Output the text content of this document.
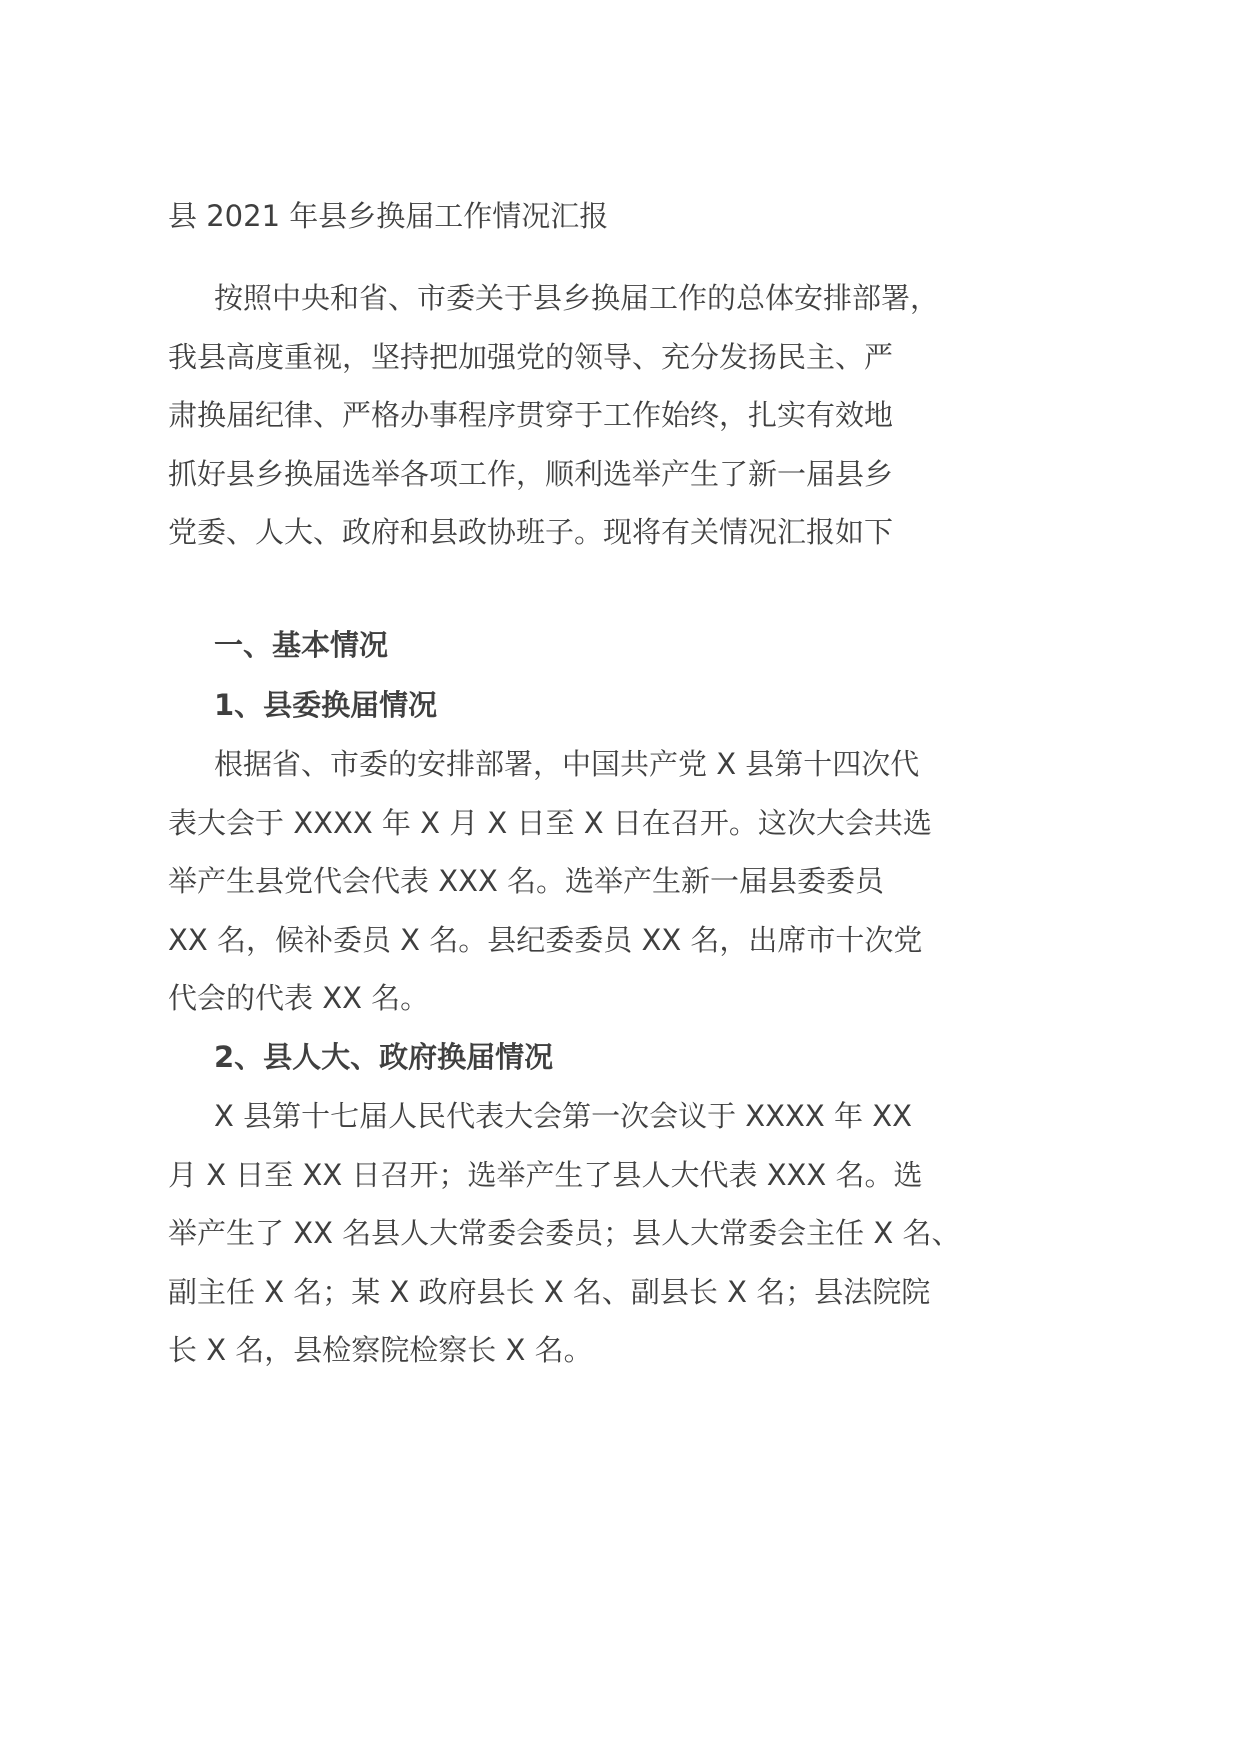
县 2021 年县乡换届工作情况汇报
按照中央和省、市委关于县乡换届工作的总体安排部署，
我县高度重视，坚持把加强党的领导、充分发扬民主、严
肃换届纪律、严格办事程序贯穿于工作始终，扎实有效地
抓好县乡换届选举各项工作，顺利选举产生了新一届县乡
党委、人大、政府和县政协班子。现将有关情况汇报如下
一、基本情况
1、县委换届情况
根据省、市委的安排部署，中国共产党 X 县第十四次代
表大会于 XXXX 年 X 月 X 日至 X 日在召开。这次大会共选
举产生县党代会代表 XXX 名。选举产生新一届县委委员
XX 名，候补委员 X 名。县纪委委员 XX 名，出席市十次党
代会的代表 XX 名。
2、县人大、政府换届情况
X 县第十七届人民代表大会第一次会议于 XXXX 年 XX
月 X 日至 XX 日召开；选举产生了县人大代表 XXX 名。选
举产生了 XX 名县人大常委会委员；县人大常委会主任 X 名、
副主任 X 名；某 X 政府县长 X 名、副县长 X 名；县法院院
长 X 名，县检察院检察长 X 名。
